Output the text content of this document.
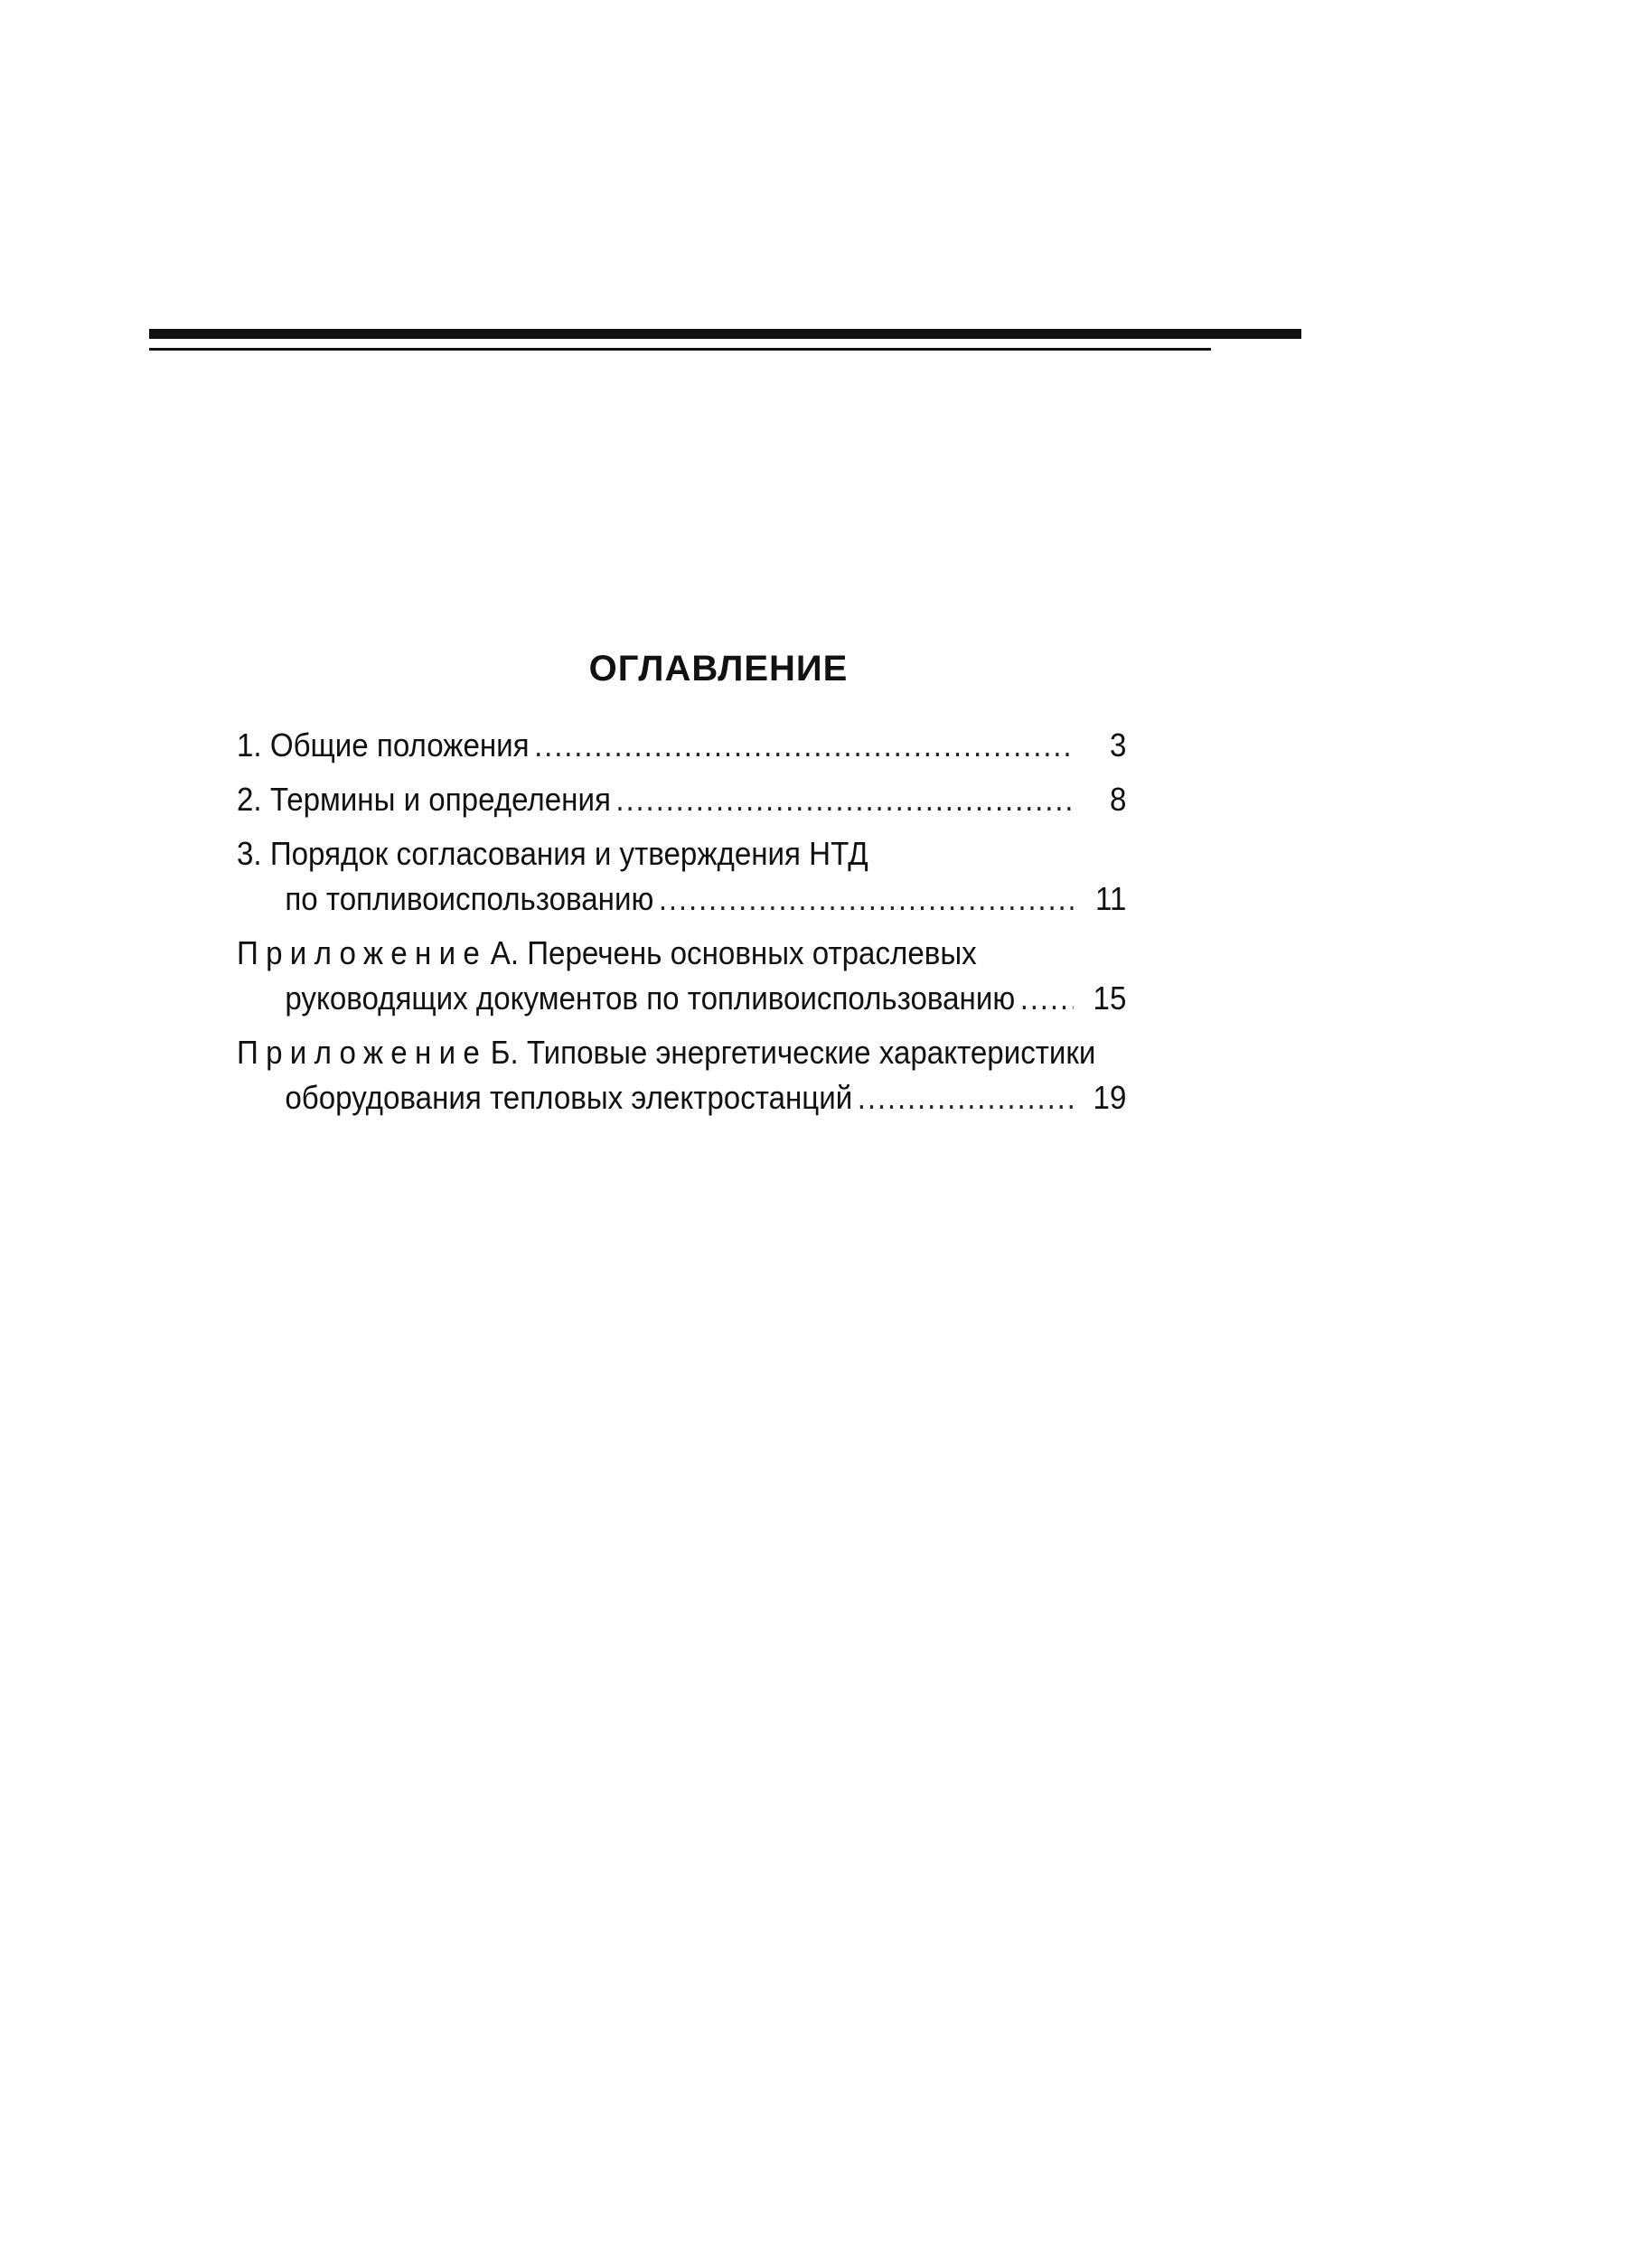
ОГЛАВЛЕНИЕ
1. Общие положения .....	3
2. Термины и определения .....	8
3. Порядок согласования и утверждения НТД
по топливоиспользованию .....	11
Приложение А. Перечень основных отраслевых
руководящих документов по топливоиспользованию .....	15
Приложение Б. Типовые энергетические характеристики
оборудования тепловых электростанций .....	19
